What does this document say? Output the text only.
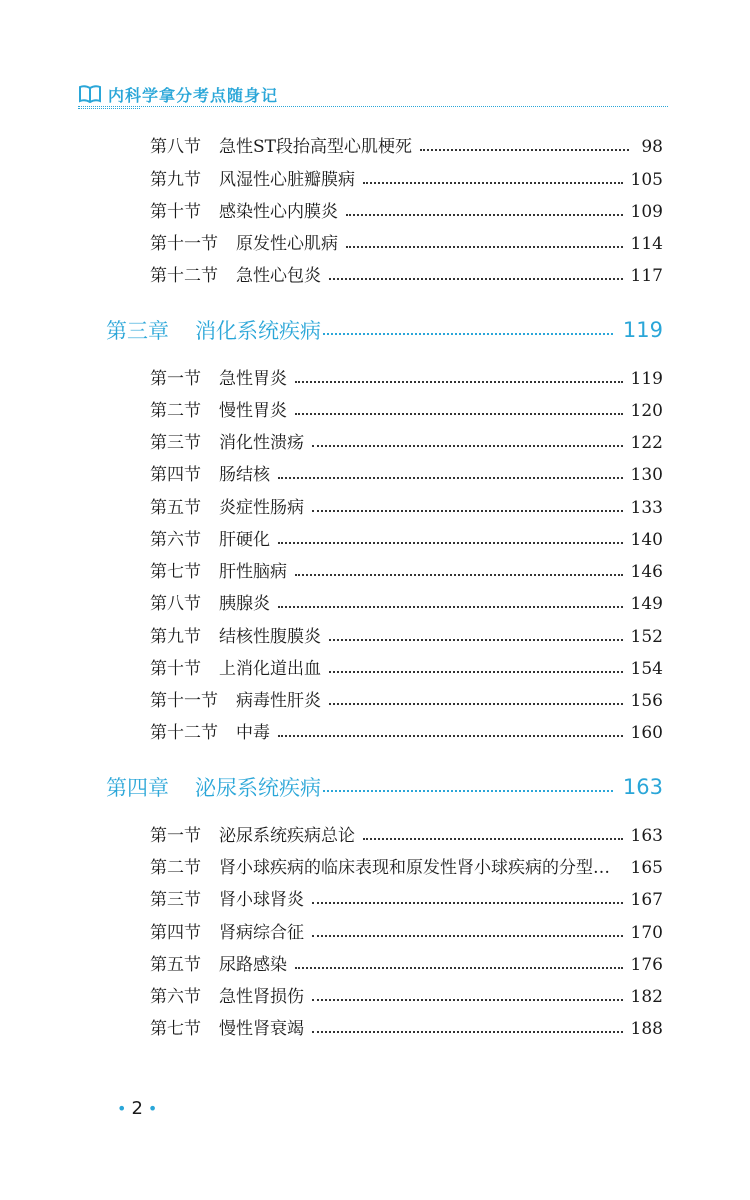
内科学拿分考点随身记
第八节 急性ST段抬高型心肌梗死	98
第九节 风湿性心脏瓣膜病	105
第十节 感染性心内膜炎	109
第十一节 原发性心肌病	114
第十二节 急性心包炎	117
第三章 消化系统疾病	119
第一节 急性胃炎	119
第二节 慢性胃炎	120
第三节 消化性溃疡	122
第四节 肠结核	130
第五节 炎症性肠病	133
第六节 肝硬化	140
第七节 肝性脑病	146
第八节 胰腺炎	149
第九节 结核性腹膜炎	152
第十节 上消化道出血	154
第十一节 病毒性肝炎	156
第十二节 中毒	160
第四章 泌尿系统疾病	163
第一节 泌尿系统疾病总论	163
第二节 肾小球疾病的临床表现和原发性肾小球疾病的分型…	165
第三节 肾小球肾炎	167
第四节 肾病综合征	170
第五节 尿路感染	176
第六节 急性肾损伤	182
第七节 慢性肾衰竭	188
• 2 •
